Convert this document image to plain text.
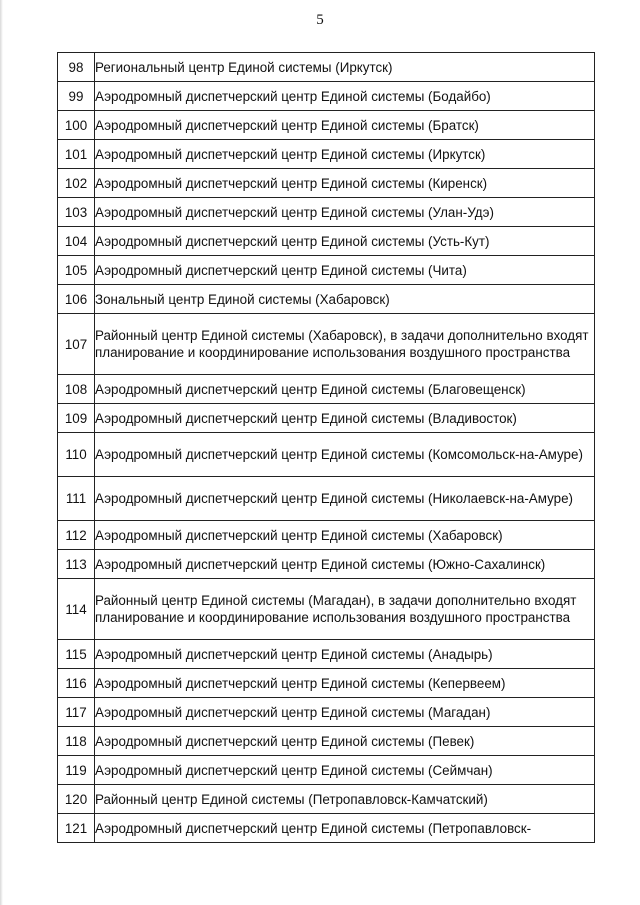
5
98	Региональный центр Единой системы (Иркутск)
99	Аэродромный диспетчерский центр Единой системы (Бодайбо)
100	Аэродромный диспетчерский центр Единой системы (Братск)
101	Аэродромный диспетчерский центр Единой системы (Иркутск)
102	Аэродромный диспетчерский центр Единой системы (Киренск)
103	Аэродромный диспетчерский центр Единой системы (Улан-Удэ)
104	Аэродромный диспетчерский центр Единой системы (Усть-Кут)
105	Аэродромный диспетчерский центр Единой системы (Чита)
106	Зональный центр Единой системы (Хабаровск)
107	Районный центр Единой системы (Хабаровск), в задачи дополнительно входят планирование и координирование использования воздушного пространства
108	Аэродромный диспетчерский центр Единой системы (Благовещенск)
109	Аэродромный диспетчерский центр Единой системы (Владивосток)
110	Аэродромный диспетчерский центр Единой системы (Комсомольск-на-Амуре)
111	Аэродромный диспетчерский центр Единой системы (Николаевск-на-Амуре)
112	Аэродромный диспетчерский центр Единой системы (Хабаровск)
113	Аэродромный диспетчерский центр Единой системы (Южно-Сахалинск)
114	Районный центр Единой системы (Магадан), в задачи дополнительно входят планирование и координирование использования воздушного пространства
115	Аэродромный диспетчерский центр Единой системы (Анадырь)
116	Аэродромный диспетчерский центр Единой системы (Кепервеем)
117	Аэродромный диспетчерский центр Единой системы (Магадан)
118	Аэродромный диспетчерский центр Единой системы (Певек)
119	Аэродромный диспетчерский центр Единой системы (Сеймчан)
120	Районный центр Единой системы (Петропавловск-Камчатский)
121	Аэродромный диспетчерский центр Единой системы (Петропавловск-
